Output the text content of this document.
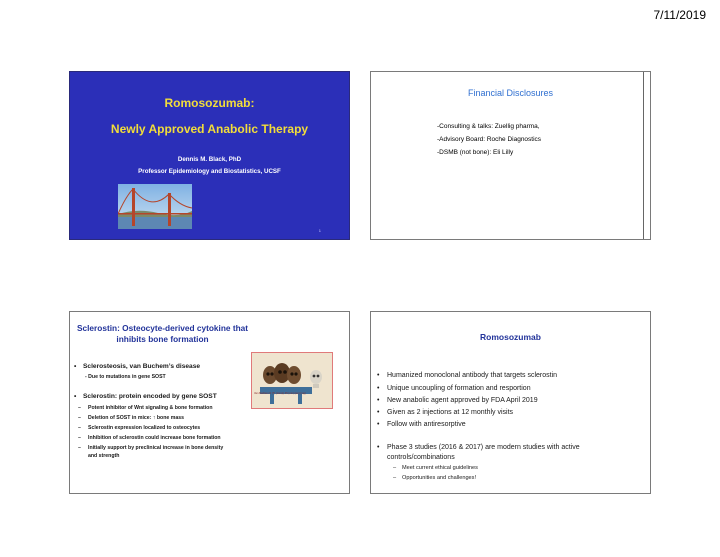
7/11/2019
Romosozumab:
Newly Approved Anabolic Therapy
Dennis M. Black, PhD
Professor Epidemiology and Biostatistics, UCSF
1
Financial Disclosures
-Consulting & talks: Zuellig pharma,
-Advisory Board: Roche Diagnostics
-DSMB (not bone): Eli Lilly
Sclerostin: Osteocyte-derived cytokine that inhibits bone formation
• Sclerosteosis, van Buchem’s disease
- Due to mutations in gene SOST
• Sclerostin: protein encoded by gene SOST
– Potent inhibitor of Wnt signaling & bone formation
– Deletion of SOST in mice: ↑ bone mass
– Sclerostin expression localized to osteocytes
– Inhibition of sclerostin could increase bone formation
– Initially support by preclinical increase in bone density
and strength
Van Buchem N (T) (comp) 45 (mm) (ex) (mg)
Romosozumab
• Humanized monoclonal antibody that targets sclerostin
• Unique uncoupling of formation and resportion
• New anabolic agent approved by FDA April 2019
• Given as 2 injections at 12 monthly visits
• Follow with antiresorptive
• Phase 3 studies (2016 & 2017) are modern studies with active
controls/combinations
– Meet current ethical guidelines
– Opportunities and challenges!
